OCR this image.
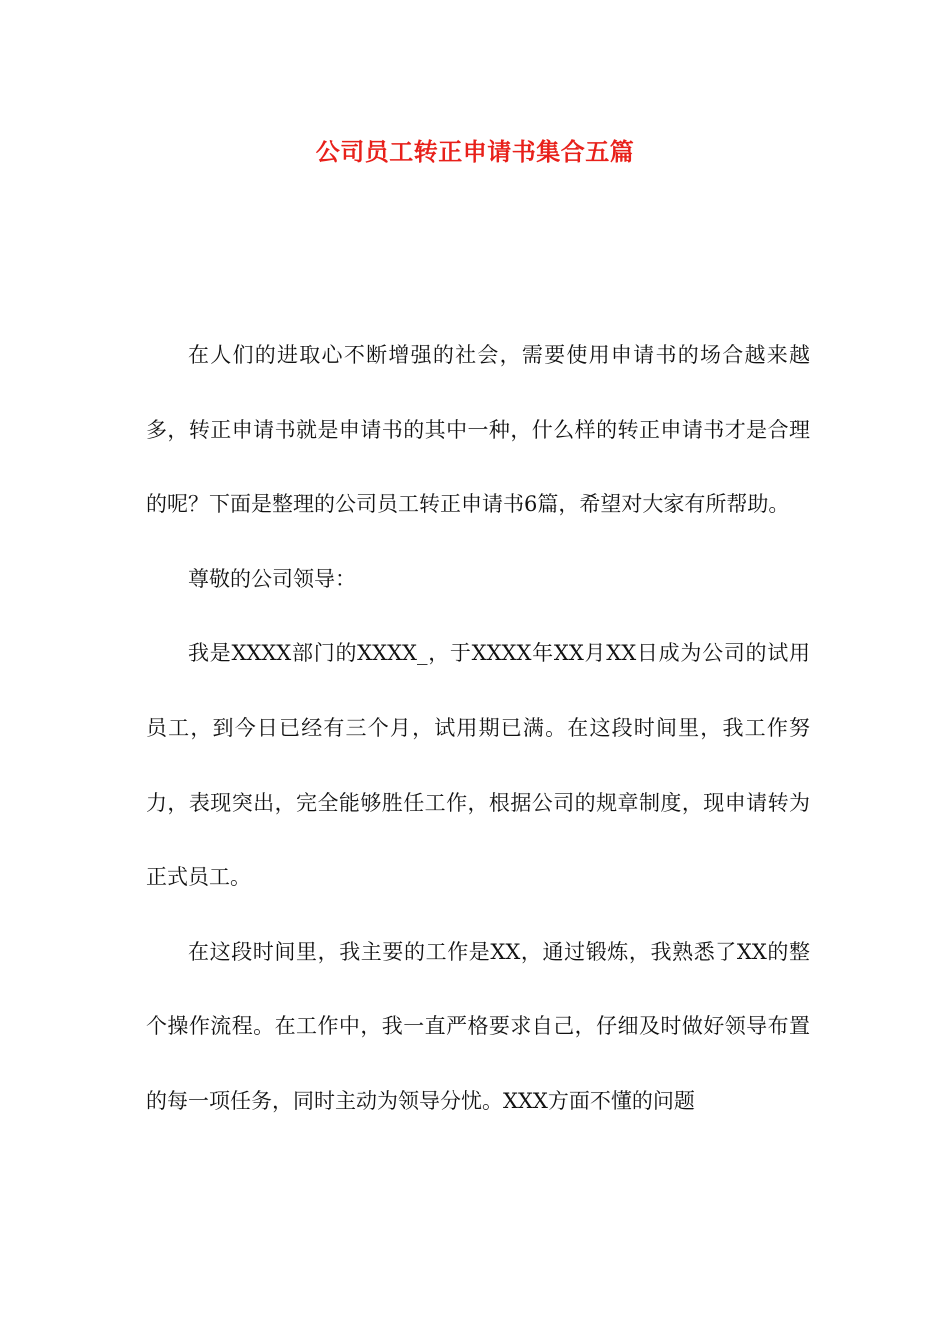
公司员工转正申请书集合五篇

在人们的进取心不断增强的社会，需要使用申请书的场合越来越多，转正申请书就是申请书的其中一种，什么样的转正申请书才是合理的呢？下面是整理的公司员工转正申请书6篇，希望对大家有所帮助。

尊敬的公司领导：

我是XXXX部门的XXXX_，于XXXX年XX月XX日成为公司的试用员工，到今日已经有三个月，试用期已满。在这段时间里，我工作努力，表现突出，完全能够胜任工作，根据公司的规章制度，现申请转为正式员工。

在这段时间里，我主要的工作是XX，通过锻炼，我熟悉了XX的整个操作流程。在工作中，我一直严格要求自己，仔细及时做好领导布置的每一项任务，同时主动为领导分忧。XXX方面不懂的问题
